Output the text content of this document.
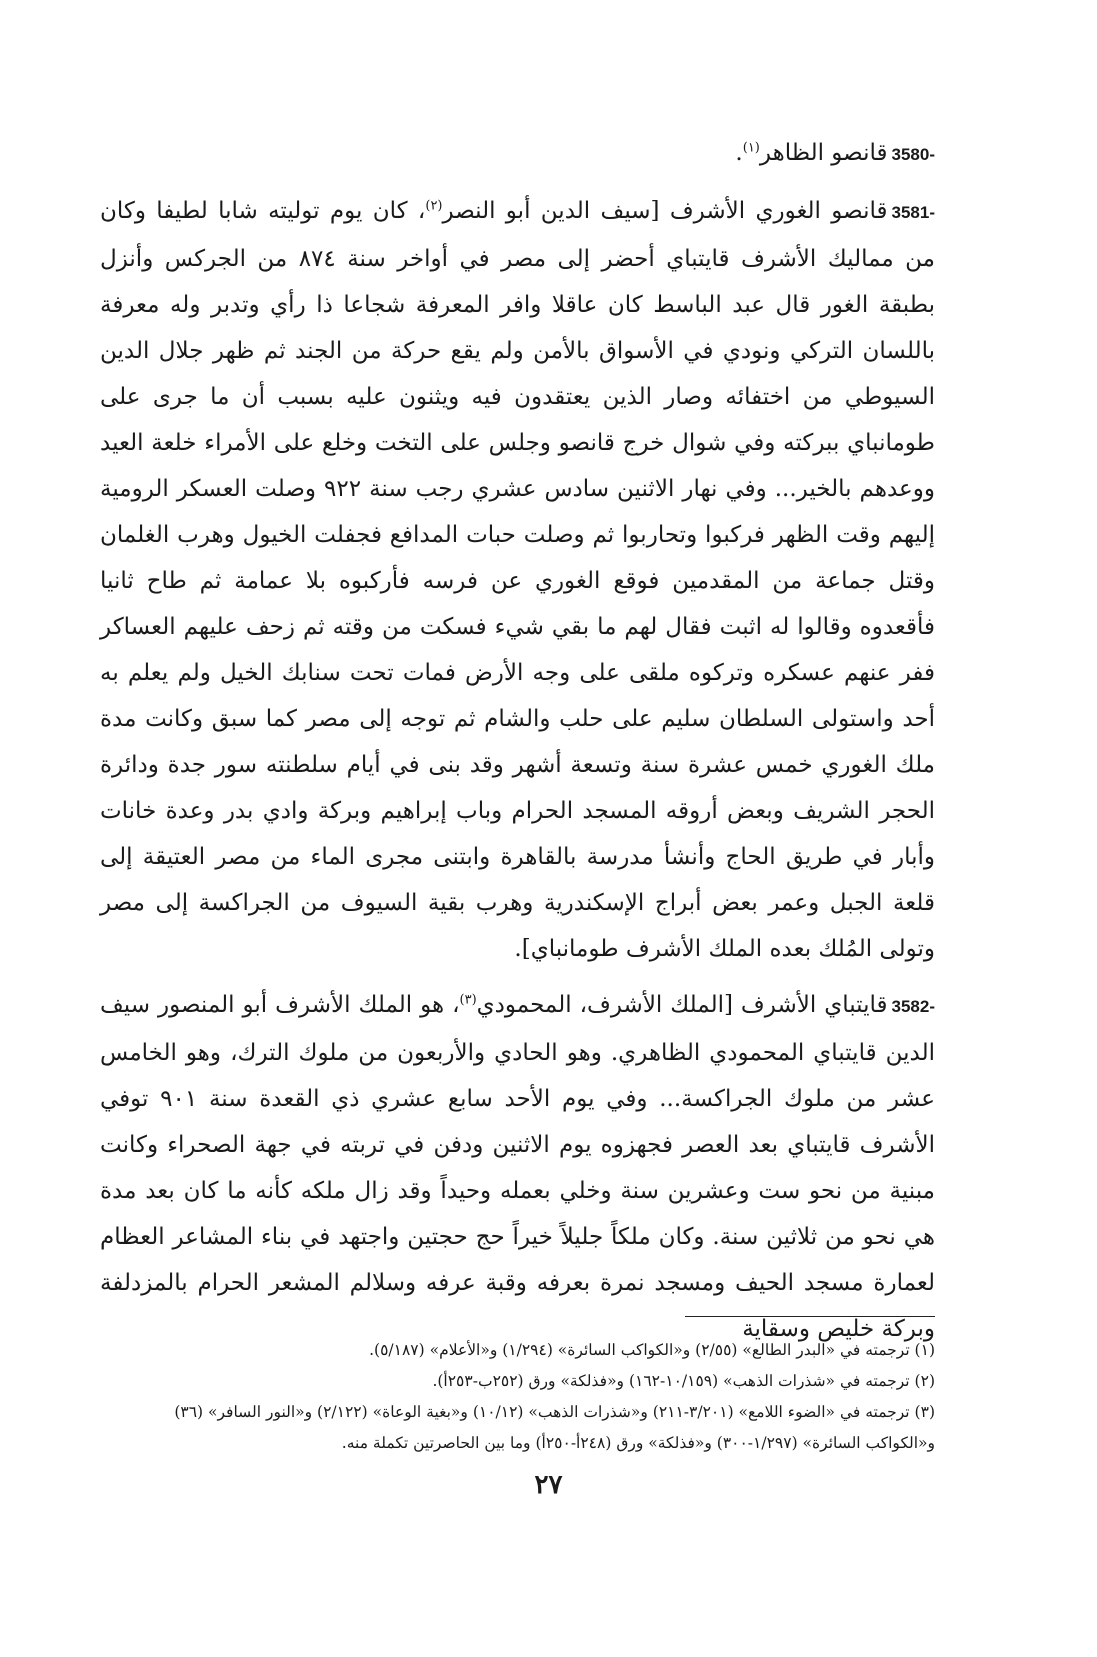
3580-قانصو الظاهر$^{(١)}$.

3581-قانصو الغوري الأشرف [سيف الدين أبو النصر$^{(٢)}$، كان يوم توليته شابا لطيفا وكان من مماليك الأشرف قايتباي أحضر إلى مصر في أواخر سنة ٨٧٤ من الجركس وأنزل بطبقة الغور قال عبد الباسط كان عاقلا وافر المعرفة شجاعا ذا رأي وتدبر وله معرفة باللسان التركي ونودي في الأسواق بالأمن ولم يقع حركة من الجند ثم ظهر جلال الدين السيوطي من اختفائه وصار الذين يعتقدون فيه ويثنون عليه بسبب أن ما جرى على طومانباي ببركته وفي شوال خرج قانصو وجلس على التخت وخلع على الأمراء خلعة العيد ووعدهم بالخير... وفي نهار الاثنين سادس عشري رجب سنة ٩٢٢ وصلت العسكر الرومية إليهم وقت الظهر فركبوا وتحاربوا ثم وصلت حبات المدافع فجفلت الخيول وهرب الغلمان وقتل جماعة من المقدمين فوقع الغوري عن فرسه فأركبوه بلا عمامة ثم طاح ثانيا فأقعدوه وقالوا له اثبت فقال لهم ما بقي شيء فسكت من وقته ثم زحف عليهم العساكر ففر عنهم عسكره وتركوه ملقى على وجه الأرض فمات تحت سنابك الخيل ولم يعلم به أحد واستولى السلطان سليم على حلب والشام ثم توجه إلى مصر كما سبق وكانت مدة ملك الغوري خمس عشرة سنة وتسعة أشهر وقد بنى في أيام سلطنته سور جدة ودائرة الحجر الشريف وبعض أروقه المسجد الحرام وباب إبراهيم وبركة وادي بدر وعدة خانات وأبار في طريق الحاج وأنشأ مدرسة بالقاهرة وابتنى مجرى الماء من مصر العتيقة إلى قلعة الجبل وعمر بعض أبراج الإسكندرية وهرب بقية السيوف من الجراكسة إلى مصر وتولى المُلك بعده الملك الأشرف طومانباي].

3582-قايتباي الأشرف [الملك الأشرف، المحمودي$^{(٣)}$، هو الملك الأشرف أبو المنصور سيف الدين قايتباي المحمودي الظاهري. وهو الحادي والأربعون من ملوك الترك، وهو الخامس عشر من ملوك الجراكسة... وفي يوم الأحد سابع عشري ذي القعدة سنة ٩٠١ توفي الأشرف قايتباي بعد العصر فجهزوه يوم الاثنين ودفن في تربته في جهة الصحراء وكانت مبنية من نحو ست وعشرين سنة وخلي بعمله وحيداً وقد زال ملكه كأنه ما كان بعد مدة هي نحو من ثلاثين سنة. وكان ملكاً جليلاً خيراً حج حجتين واجتهد في بناء المشاعر العظام لعمارة مسجد الحيف ومسجد نمرة بعرفه وقبة عرفه وسلالم المشعر الحرام بالمزدلفة وبركة خليص وسقاية

(١) ترجمته في «البدر الطالع» (٢/٥٥) و«الكواكب السائرة» (١/٢٩٤) و«الأعلام» (٥/١٨٧).

(٢) ترجمته في «شذرات الذهب» (١٠/١٥٩-١٦٢) و«فذلكة» ورق (٢٥٢ب-٢٥٣أ).

(٣) ترجمته في «الضوء اللامع» (٣/٢٠١-٢١١) و«شذرات الذهب» (١٠/١٢) و«بغية الوعاة» (٢/١٢٢) و«النور السافر» (٣٦) و«الكواكب السائرة» (١/٢٩٧-٣٠٠) و«فذلكة» ورق (٢٤٨أ-٢٥٠أ) وما بين الحاصرتين تكملة منه.

٢٧
